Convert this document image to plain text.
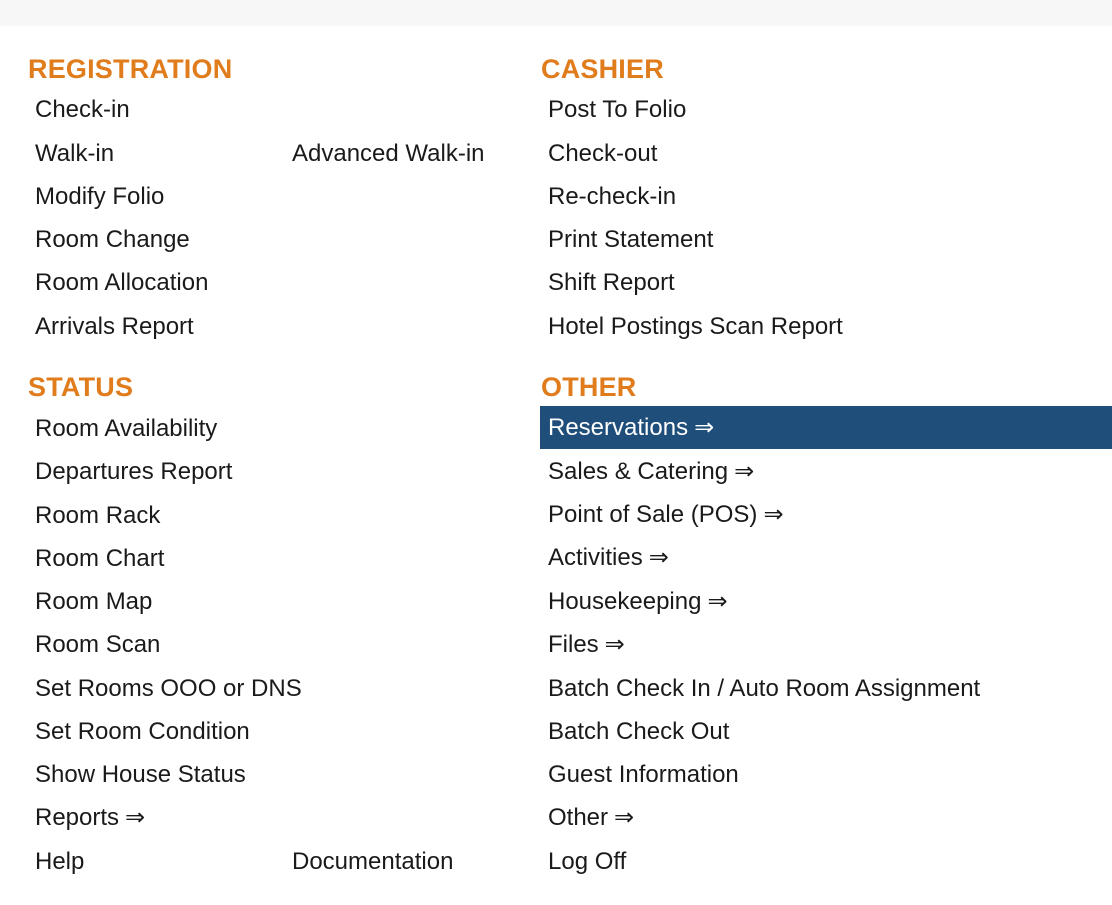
REGISTRATION
Check-in
Walk-in	Advanced Walk-in
Modify Folio
Room Change
Room Allocation
Arrivals Report
CASHIER
Post To Folio
Check-out
Re-check-in
Print Statement
Shift Report
Hotel Postings Scan Report
STATUS
Room Availability
Departures Report
Room Rack
Room Chart
Room Map
Room Scan
Set Rooms OOO or DNS
Set Room Condition
Show House Status
Reports ⇒
Help	Documentation
OTHER
Reservations ⇒
Sales & Catering ⇒
Point of Sale (POS) ⇒
Activities ⇒
Housekeeping ⇒
Files ⇒
Batch Check In / Auto Room Assignment
Batch Check Out
Guest Information
Other ⇒
Log Off
